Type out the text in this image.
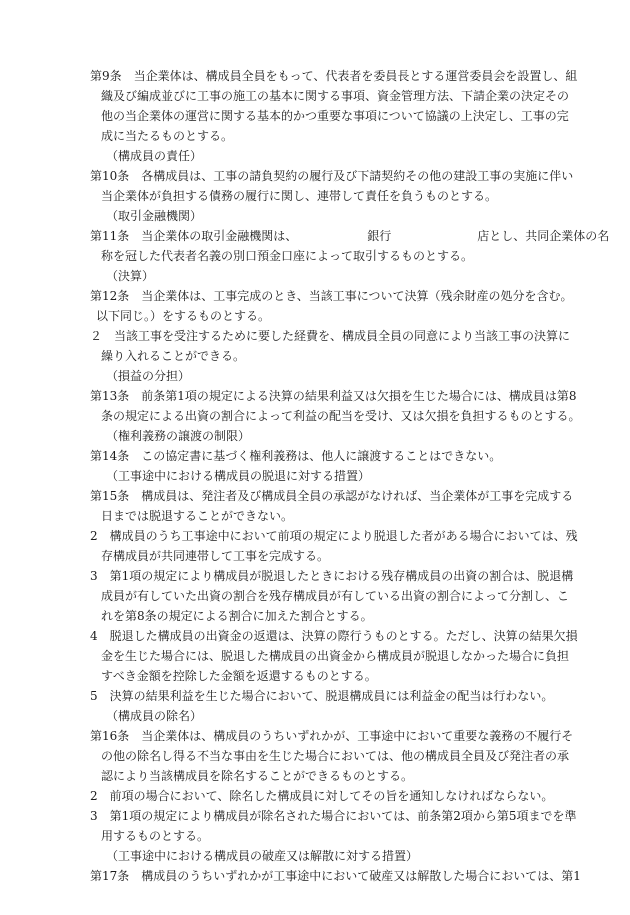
第9条　当企業体は、構成員全員をもって、代表者を委員長とする運営委員会を設置し、組
織及び編成並びに工事の施工の基本に関する事項、資金管理方法、下請企業の決定その
他の当企業体の運営に関する基本的かつ重要な事項について協議の上決定し、工事の完
成に当たるものとする。
（構成員の責任）
第10条　各構成員は、工事の請負契約の履行及び下請契約その他の建設工事の実施に伴い
当企業体が負担する債務の履行に関し、連帯して責任を負うものとする。
（取引金融機関）
第11条　当企業体の取引金融機関は、	銀行	店とし、共同企業体の名
称を冠した代表者名義の別口預金口座によって取引するものとする。
（決算）
第12条　当企業体は、工事完成のとき、当該工事について決算（残余財産の処分を含む。
以下同じ。）をするものとする。
２　当該工事を受注するために要した経費を、構成員全員の同意により当該工事の決算に
繰り入れることができる。
（損益の分担）
第13条　前条第1項の規定による決算の結果利益又は欠損を生じた場合には、構成員は第8
条の規定による出資の割合によって利益の配当を受け、又は欠損を負担するものとする。
（権利義務の譲渡の制限）
第14条　この協定書に基づく権利義務は、他人に譲渡することはできない。
（工事途中における構成員の脱退に対する措置）
第15条　構成員は、発注者及び構成員全員の承認がなければ、当企業体が工事を完成する
日までは脱退することができない。
2　構成員のうち工事途中において前項の規定により脱退した者がある場合においては、残
存構成員が共同連帯して工事を完成する。
3　第1項の規定により構成員が脱退したときにおける残存構成員の出資の割合は、脱退構
成員が有していた出資の割合を残存構成員が有している出資の割合によって分割し、こ
れを第8条の規定による割合に加えた割合とする。
4　脱退した構成員の出資金の返還は、決算の際行うものとする。ただし、決算の結果欠損
金を生じた場合には、脱退した構成員の出資金から構成員が脱退しなかった場合に負担
すべき金額を控除した金額を返還するものとする。
5　決算の結果利益を生じた場合において、脱退構成員には利益金の配当は行わない。
（構成員の除名）
第16条　当企業体は、構成員のうちいずれかが、工事途中において重要な義務の不履行そ
の他の除名し得る不当な事由を生じた場合においては、他の構成員全員及び発注者の承
認により当該構成員を除名することができるものとする。
2　前項の場合において、除名した構成員に対してその旨を通知しなければならない。
3　第1項の規定により構成員が除名された場合においては、前条第2項から第5項までを準
用するものとする。
（工事途中における構成員の破産又は解散に対する措置）
第17条　構成員のうちいずれかが工事途中において破産又は解散した場合においては、第1
